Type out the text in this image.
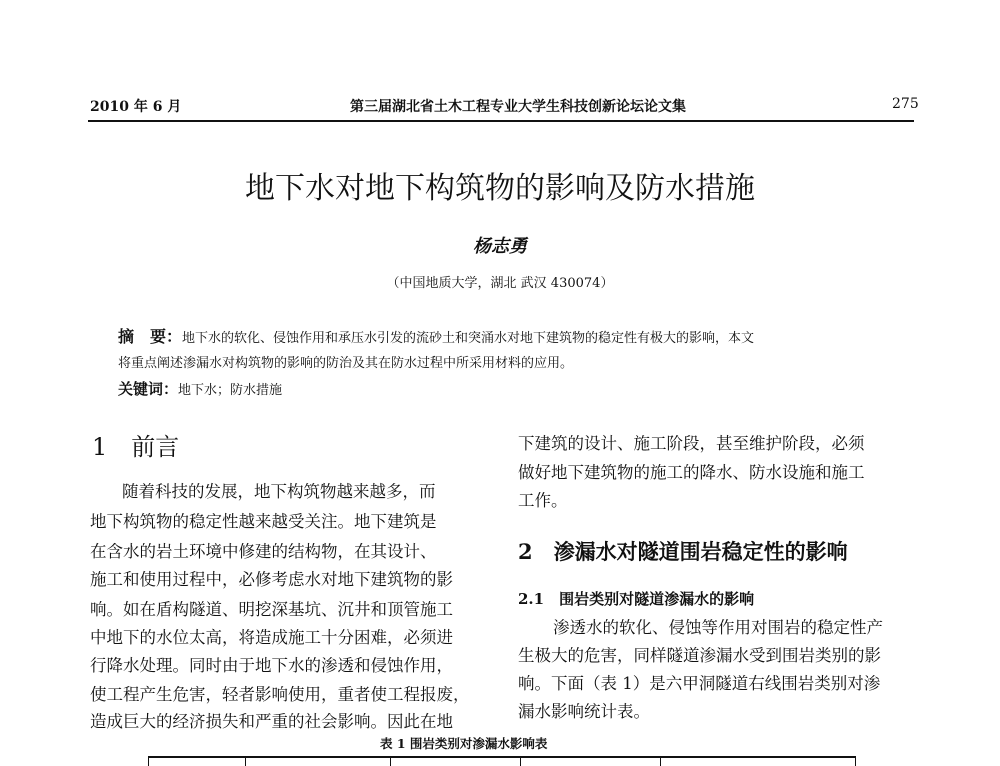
2010 年 6 月	第三届湖北省土木工程专业大学生科技创新论坛论文集	275
地下水对地下构筑物的影响及防水措施
杨志勇
（中国地质大学，湖北 武汉 430074）
摘　要：地下水的软化、侵蚀作用和承压水引发的流砂土和突涌水对地下建筑物的稳定性有极大的影响，本文
将重点阐述渗漏水对构筑物的影响的防治及其在防水过程中所采用材料的应用。
关键词：地下水；防水措施
1　前言
随着科技的发展，地下构筑物越来越多，而
地下构筑物的稳定性越来越受关注。地下建筑是
在含水的岩土环境中修建的结构物，在其设计、
施工和使用过程中，必修考虑水对地下建筑物的影
响。如在盾构隧道、明挖深基坑、沉井和顶管施工
中地下的水位太高，将造成施工十分困难，必须进
行降水处理。同时由于地下水的渗透和侵蚀作用，
使工程产生危害，轻者影响使用，重者使工程报废，
造成巨大的经济损失和严重的社会影响。因此在地
下建筑的设计、施工阶段，甚至维护阶段，必须
做好地下建筑物的施工的降水、防水设施和施工
工作。
2　渗漏水对隧道围岩稳定性的影响
2.1　围岩类别对隧道渗漏水的影响
渗透水的软化、侵蚀等作用对围岩的稳定性产
生极大的危害，同样隧道渗漏水受到围岩类别的影
响。下面（表 1）是六甲洞隧道右线围岩类别对渗
漏水影响统计表。
表 1 围岩类别对渗漏水影响表
